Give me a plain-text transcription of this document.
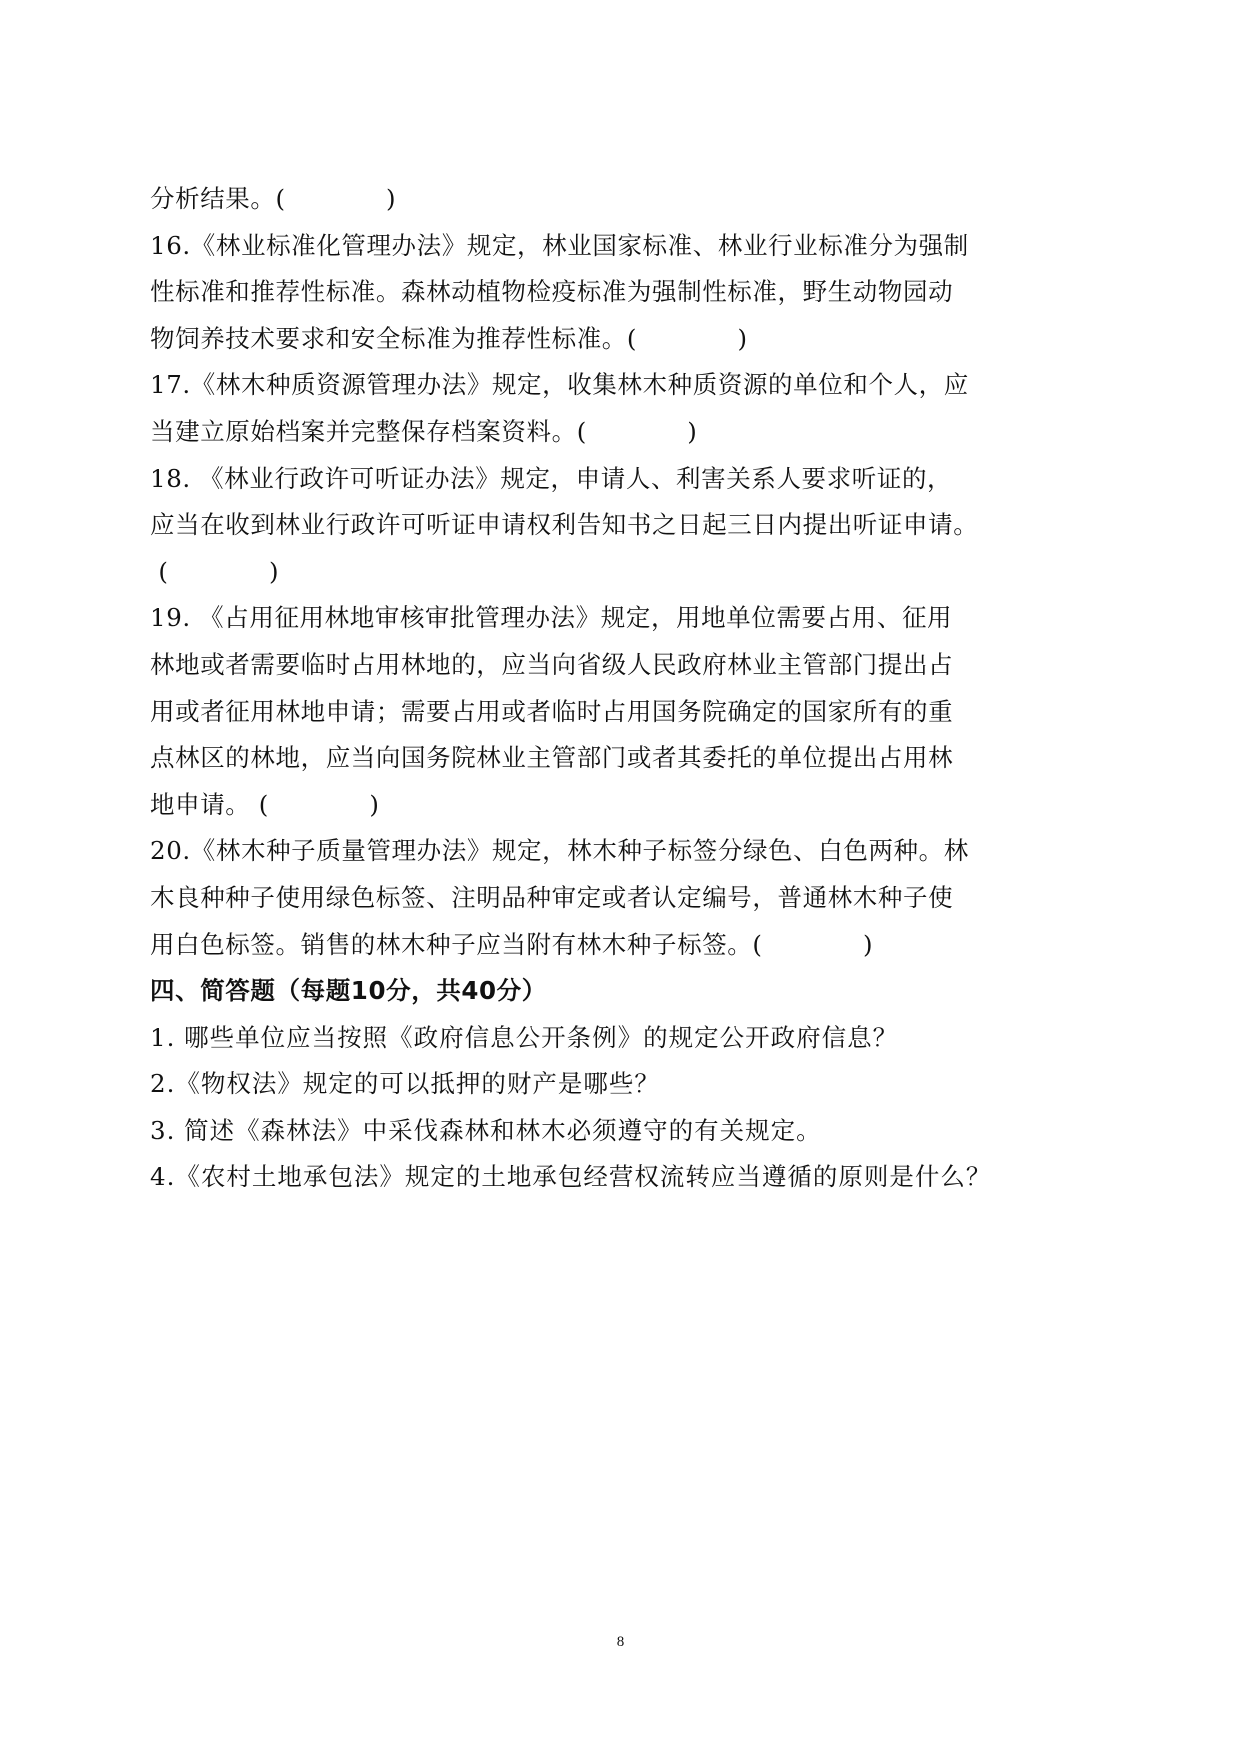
分析结果。(　　　　)
16.《林业标准化管理办法》规定，林业国家标准、林业行业标准分为强制
性标准和推荐性标准。森林动植物检疫标准为强制性标准，野生动物园动
物饲养技术要求和安全标准为推荐性标准。(　　　　)
17.《林木种质资源管理办法》规定，收集林木种质资源的单位和个人，应
当建立原始档案并完整保存档案资料。(　　　　)
18. 《林业行政许可听证办法》规定，申请人、利害关系人要求听证的，
应当在收到林业行政许可听证申请权利告知书之日起三日内提出听证申请。
(　　　　)
19. 《占用征用林地审核审批管理办法》规定，用地单位需要占用、征用
林地或者需要临时占用林地的，应当向省级人民政府林业主管部门提出占
用或者征用林地申请；需要占用或者临时占用国务院确定的国家所有的重
点林区的林地，应当向国务院林业主管部门或者其委托的单位提出占用林
地申请。 (　　　　)
20.《林木种子质量管理办法》规定，林木种子标签分绿色、白色两种。林
木良种种子使用绿色标签、注明品种审定或者认定编号，普通林木种子使
用白色标签。销售的林木种子应当附有林木种子标签。(　　　　)
四、简答题（每题10分，共40分）
1. 哪些单位应当按照《政府信息公开条例》的规定公开政府信息？
2.《物权法》规定的可以抵押的财产是哪些？
3. 简述《森林法》中采伐森林和林木必须遵守的有关规定。
4.《农村土地承包法》规定的土地承包经营权流转应当遵循的原则是什么？
8
